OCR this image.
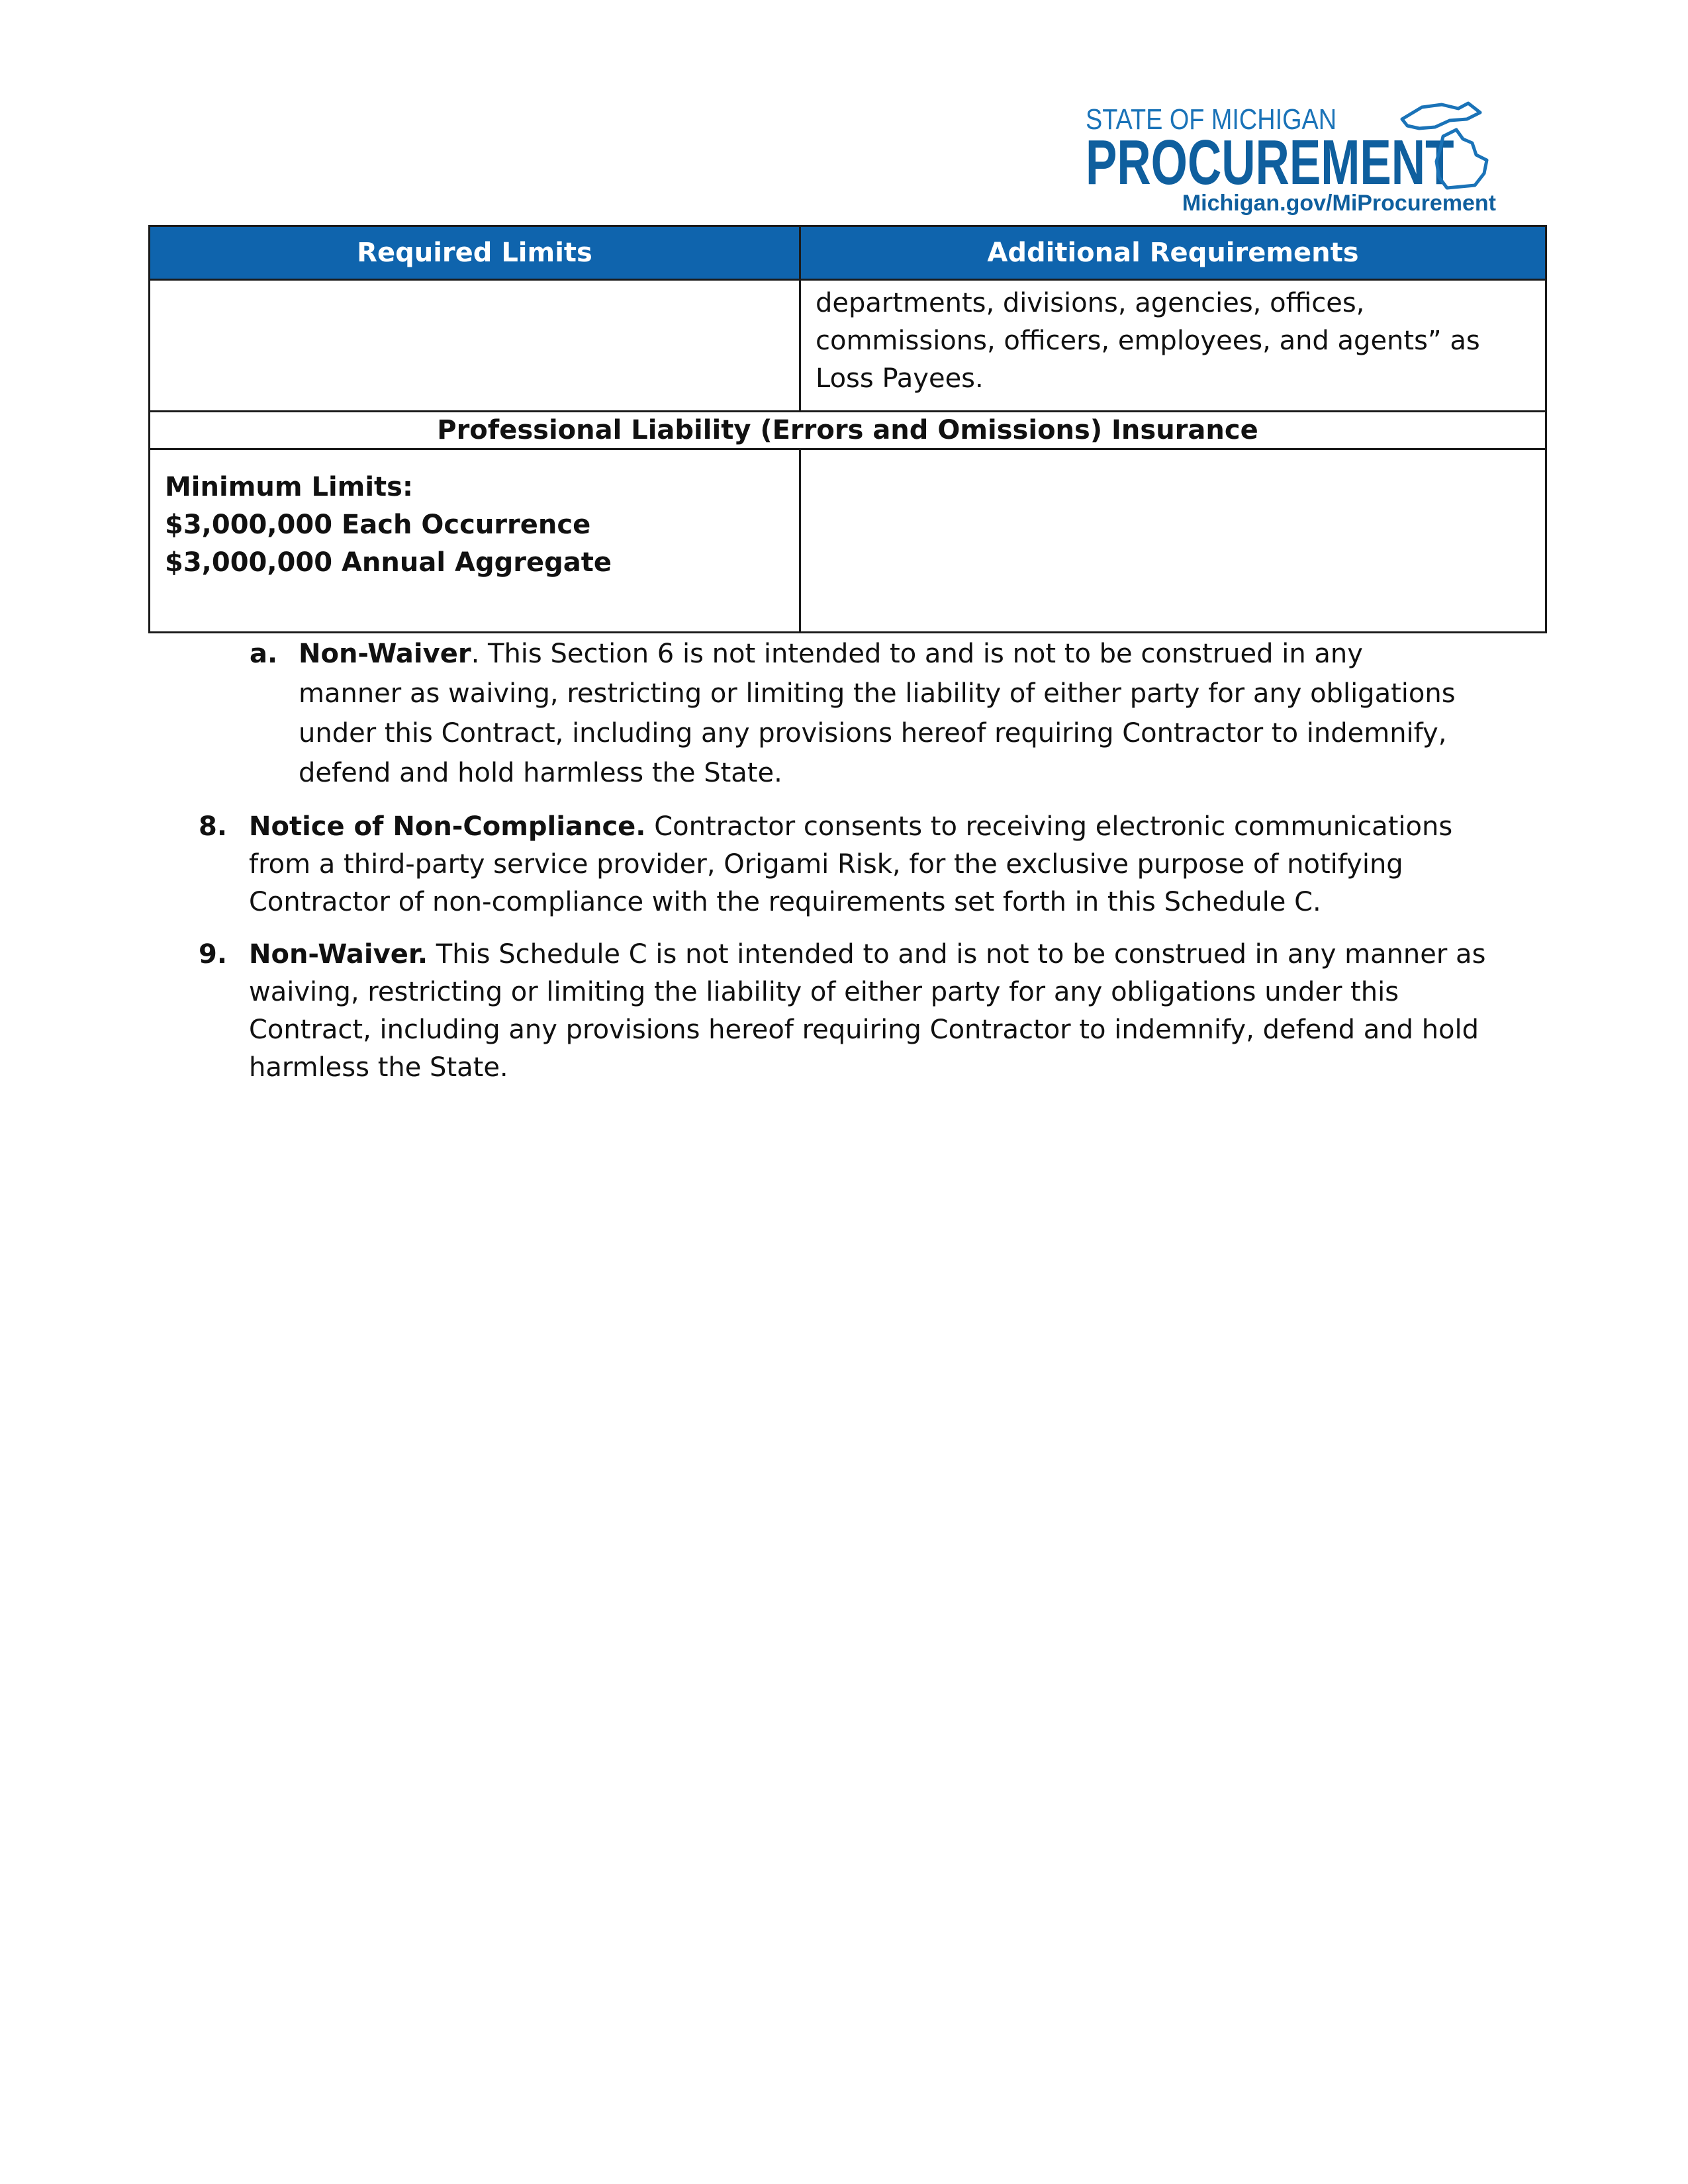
STATE OF MICHIGAN
PROCUREMENT
Michigan.gov/MiProcurement
Required Limits	Additional Requirements
	departments, divisions, agencies, offices, commissions, officers, employees, and agents” as Loss Payees.
Professional Liability (Errors and Omissions) Insurance	

Minimum Limits:
$3,000,000 Each Occurrence
$3,000,000 Annual Aggregate	

a. Non-Waiver. This Section 6 is not intended to and is not to be construed in any manner as waiving, restricting or limiting the liability of either party for any obligations under this Contract, including any provisions hereof requiring Contractor to indemnify, defend and hold harmless the State.
8. Notice of Non-Compliance. Contractor consents to receiving electronic communications from a third-party service provider, Origami Risk, for the exclusive purpose of notifying Contractor of non-compliance with the requirements set forth in this Schedule C.
9. Non-Waiver. This Schedule C is not intended to and is not to be construed in any manner as waiving, restricting or limiting the liability of either party for any obligations under this Contract, including any provisions hereof requiring Contractor to indemnify, defend and hold harmless the State.
